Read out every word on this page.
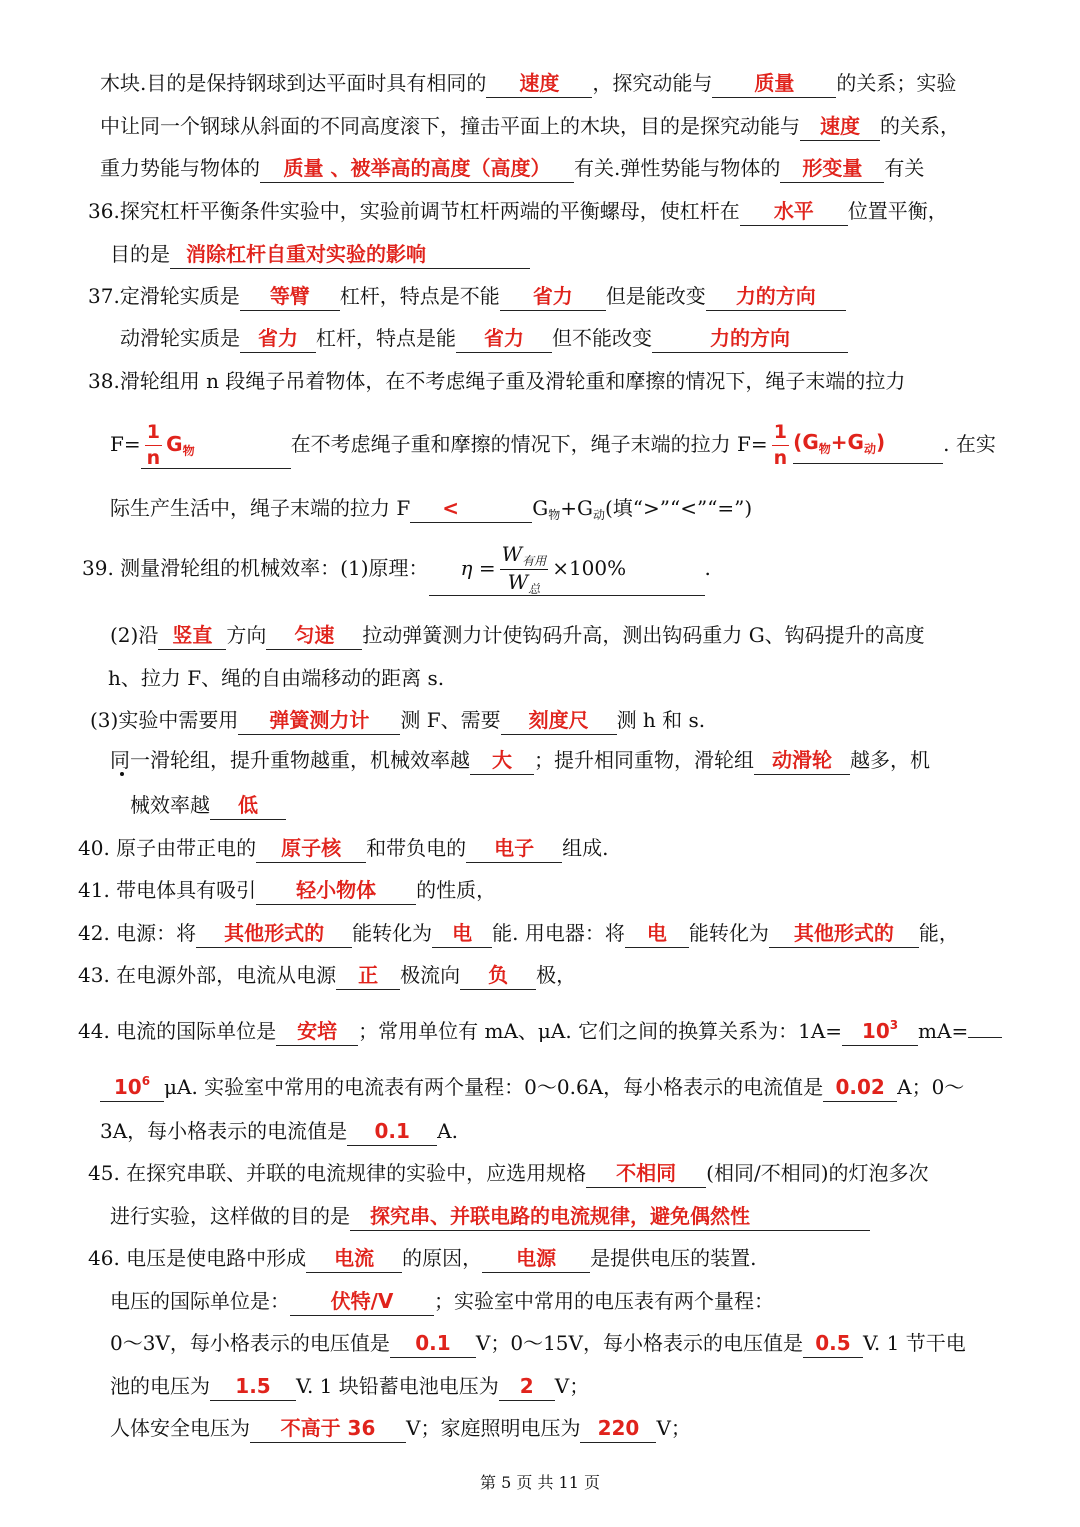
木块.目的是保持钢球到达平面时具有相同的 速度 ，探究动能与 质量 的关系；实验
中让同一个钢球从斜面的不同高度滚下，撞击平面上的木块，目的是探究动能与 速度 的关系，
重力势能与物体的 质量 、被举高的高度（高度） 有关.弹性势能与物体的 形变量 有关
36.探究杠杆平衡条件实验中，实验前调节杠杆两端的平衡螺母，使杠杆在 水平 位置平衡，
目的是 消除杠杆自重对实验的影响
37.定滑轮实质是 等臂 杠杆，特点是不能 省力 但是能改变 力的方向
动滑轮实质是 省力 杠杆，特点是能 省力 但不能改变	力的方向
38.滑轮组用 n 段绳子吊着物体，在不考虑绳子重及滑轮重和摩擦的情况下，绳子末端的拉力
$F= \frac{1}{n} G_物$	在不考虑绳子重和摩擦的情况下，绳子末端的拉力 $F= \frac{1}{n} (G_物+G_动)$	. 在实
际生产生活中，绳子末端的拉力 F <	$G_物+G_动$(填“>”“<”“=”)
39. 测量滑轮组的机械效率：(1)原理： $\eta = \frac{W_{有用}}{W_总} \times 100\%$	.
(2)沿 竖直 方向 匀速 拉动弹簧测力计使钩码升高，测出钩码重力 G、钩码提升的高度
h、拉力 F、绳的自由端移动的距离 s.
(3)实验中需要用 弹簧测力计 测 F、需要 刻度尺 测 h 和 s.
同一滑轮组，提升重物越重，机械效率越 大 ；提升相同重物，滑轮组 动滑轮 越多，机
械效率越 低
40. 原子由带正电的 原子核 和带负电的 电子 组成.
41. 带电体具有吸引 轻小物体 的性质，
42. 电源：将 其他形式的 能转化为 电 能. 用电器：将 电 能转化为 其他形式的 能，
43. 在电源外部，电流从电源 正 极流向 负 极，
44. 电流的国际单位是 安培 ；常用单位有 mA、μA. 它们之间的换算关系为：$1A= 10^3$ mA=
$10^6$ μA. 实验室中常用的电流表有两个量程：0～0.6A，每小格表示的电流值是 0.02 A；0～
3A，每小格表示的电流值是 0.1 A.
45. 在探究串联、并联的电流规律的实验中，应选用规格 不相同 (相同/不相同)的灯泡多次
进行实验，这样做的目的是 探究串、并联电路的电流规律，避免偶然性
46. 电压是使电路中形成 电流 的原因， 电源 是提供电压的装置.
电压的国际单位是： 伏特/V ；实验室中常用的电压表有两个量程：
0～3V，每小格表示的电压值是 0.1 V；0～15V，每小格表示的电压值是 0.5 V. 1 节干电
池的电压为 1.5 V. 1 块铅蓄电池电压为 2 V；
人体安全电压为 不高于 36 V；家庭照明电压为 220 V；
第 5 页 共 11 页
